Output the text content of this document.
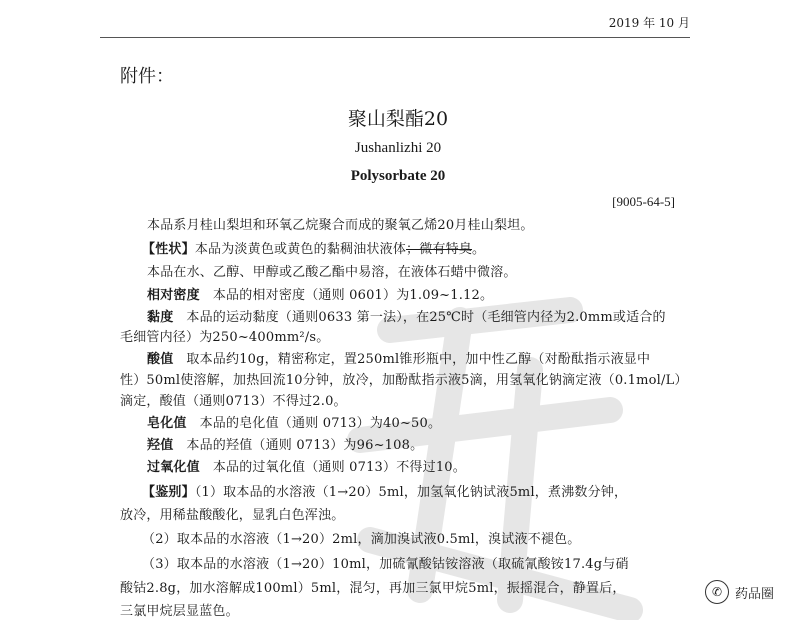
2019 年 10 月
附件：
聚山梨酯20
Jushanlizhi 20
Polysorbate 20
[9005-64-5]
本品系月桂山梨坦和环氧乙烷聚合而成的聚氧乙烯20月桂山梨坦。
【性状】本品为淡黄色或黄色的黏稠油状液体；微有特臭。
本品在水、乙醇、甲醇或乙酸乙酯中易溶，在液体石蜡中微溶。
相对密度 本品的相对密度（通则 0601）为1.09~1.12。
黏度 本品的运动黏度（通则0633 第一法），在25℃时（毛细管内径为2.0mm或适合的
毛细管内径）为250~400mm²/s。
酸值 取本品约10g，精密称定，置250ml锥形瓶中，加中性乙醇（对酚酞指示液显中
性）50ml使溶解，加热回流10分钟，放冷，加酚酞指示液5滴，用氢氧化钠滴定液（0.1mol/L）
滴定，酸值（通则0713）不得过2.0。
皂化值 本品的皂化值（通则 0713）为40~50。
羟值 本品的羟值（通则 0713）为96~108。
过氧化值 本品的过氧化值（通则 0713）不得过10。
【鉴别】（1）取本品的水溶液（1→20）5ml，加氢氧化钠试液5ml，煮沸数分钟，
放冷，用稀盐酸酸化，显乳白色浑浊。
（2）取本品的水溶液（1→20）2ml，滴加溴试液0.5ml，溴试液不褪色。
（3）取本品的水溶液（1→20）10ml，加硫氰酸钴铵溶液（取硫氰酸铵17.4g与硝
酸钴2.8g，加水溶解成100ml）5ml，混匀，再加三氯甲烷5ml，振摇混合，静置后，
三氯甲烷层显蓝色。
✆ 药品圈
